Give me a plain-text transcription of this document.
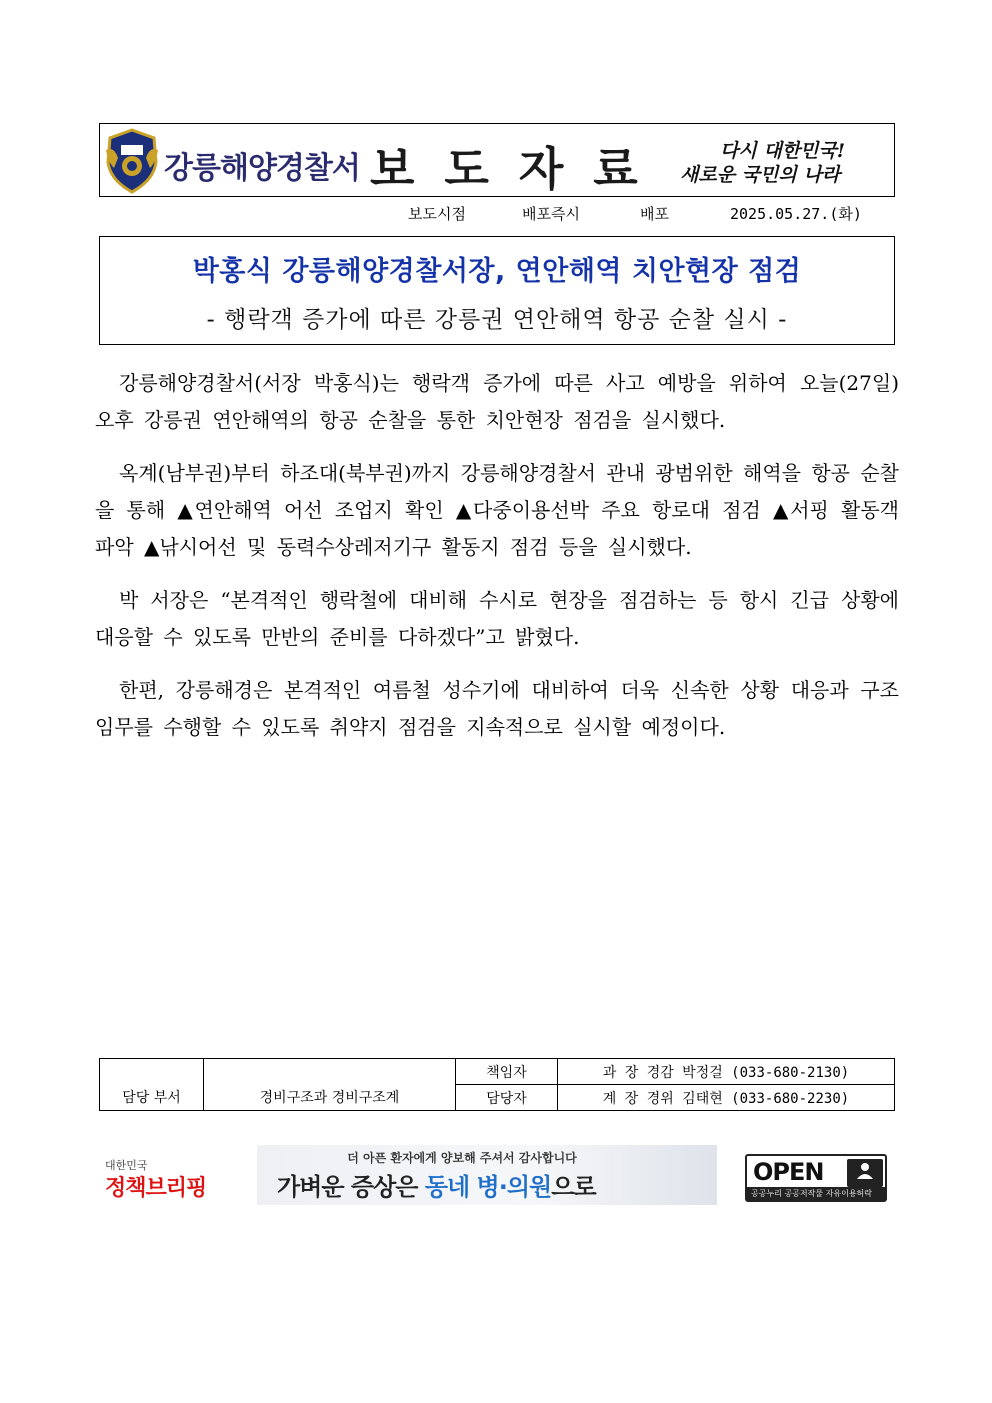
강릉해양경찰서 보도자료	다시 대한민국!
새로운 국민의 나라
보도시점	배포즉시	배포	2025.05.27.(화)
박홍식 강릉해양경찰서장, 연안해역 치안현장 점검
- 행락객 증가에 따른 강릉권 연안해역 항공 순찰 실시 -

강릉해양경찰서(서장 박홍식)는 행락객 증가에 따른 사고 예방을 위하여 오늘(27일) 오후 강릉권 연안해역의 항공 순찰을 통한 치안현장 점검을 실시했다.

옥계(남부권)부터 하조대(북부권)까지 강릉해양경찰서 관내 광범위한 해역을 항공 순찰을 통해 ▲연안해역 어선 조업지 확인 ▲다중이용선박 주요 항로대 점검 ▲서핑 활동객 파악 ▲낚시어선 및 동력수상레저기구 활동지 점검 등을 실시했다.

박 서장은 “본격적인 행락철에 대비해 수시로 현장을 점검하는 등 항시 긴급 상황에 대응할 수 있도록 만반의 준비를 다하겠다”고 밝혔다.

한편, 강릉해경은 본격적인 여름철 성수기에 대비하여 더욱 신속한 상황 대응과 구조임무를 수행할 수 있도록 취약지 점검을 지속적으로 실시할 예정이다.

담당 부서	경비구조과 경비구조계	책임자	과 장 경감 박정걸 (033-680-2130)
		담당자	계 장 경위 김태현 (033-680-2230)
대한민국
정책브리핑
더 아픈 환자에게 양보해 주셔서 감사합니다
가벼운 증상은 동네 병·의원으로
OPEN
공공누리 공공저작물 자유이용허락
